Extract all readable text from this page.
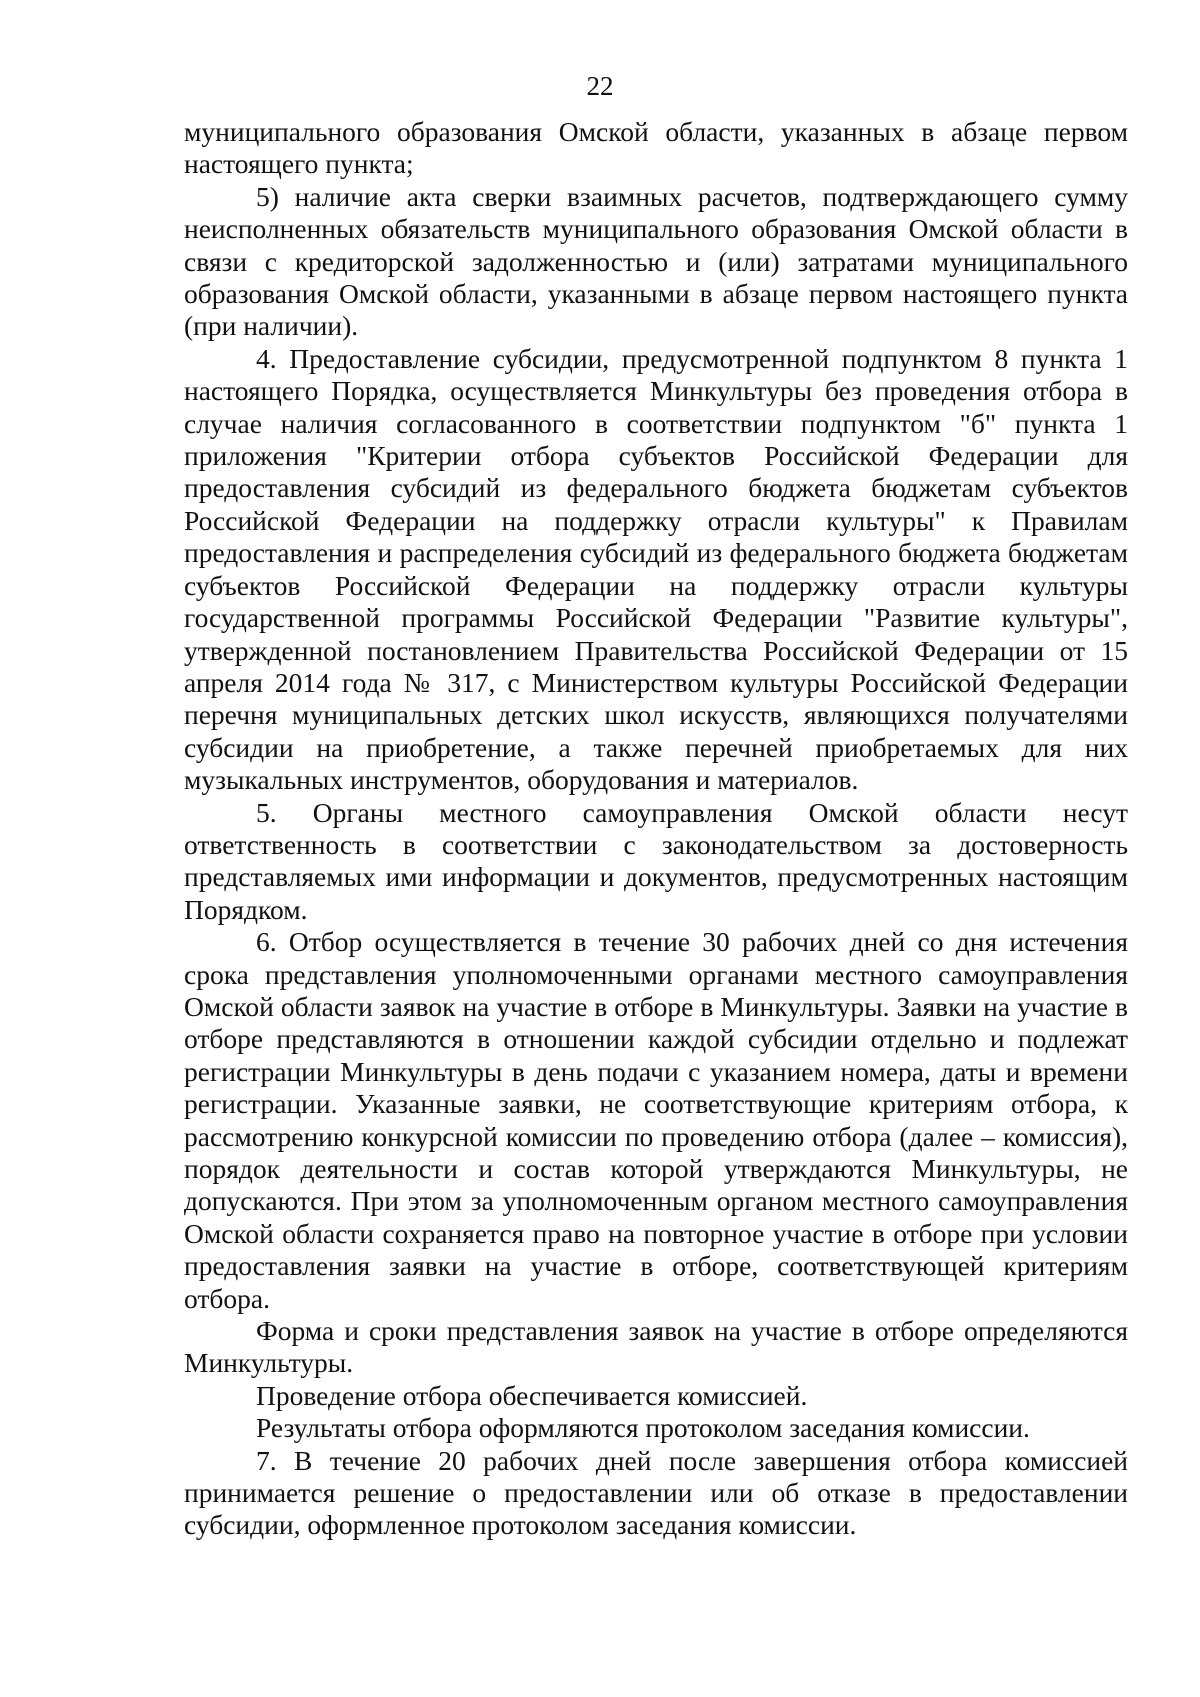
22

муниципального образования Омской области, указанных в абзаце первом настоящего пункта;

5) наличие акта сверки взаимных расчетов, подтверждающего сумму неисполненных обязательств муниципального образования Омской области в связи с кредиторской задолженностью и (или) затратами муниципального образования Омской области, указанными в абзаце первом настоящего пункта (при наличии).

4. Предоставление субсидии, предусмотренной подпунктом 8 пункта 1 настоящего Порядка, осуществляется Минкультуры без проведения отбора в случае наличия согласованного в соответствии подпунктом "б" пункта 1 приложения "Критерии отбора субъектов Российской Федерации для предоставления субсидий из федерального бюджета бюджетам субъектов Российской Федерации на поддержку отрасли культуры" к Правилам предоставления и распределения субсидий из федерального бюджета бюджетам субъектов Российской Федерации на поддержку отрасли культуры государственной программы Российской Федерации "Развитие культуры", утвержденной постановлением Правительства Российской Федерации от 15 апреля 2014 года № 317, с Министерством культуры Российской Федерации перечня муниципальных детских школ искусств, являющихся получателями субсидии на приобретение, а также перечней приобретаемых для них музыкальных инструментов, оборудования и материалов.

5. Органы местного самоуправления Омской области несут ответственность в соответствии с законодательством за достоверность представляемых ими информации и документов, предусмотренных настоящим Порядком.

6. Отбор осуществляется в течение 30 рабочих дней со дня истечения срока представления уполномоченными органами местного самоуправления Омской области заявок на участие в отборе в Минкультуры. Заявки на участие в отборе представляются в отношении каждой субсидии отдельно и подлежат регистрации Минкультуры в день подачи с указанием номера, даты и времени регистрации. Указанные заявки, не соответствующие критериям отбора, к рассмотрению конкурсной комиссии по проведению отбора (далее – комиссия), порядок деятельности и состав которой утверждаются Минкультуры, не допускаются. При этом за уполномоченным органом местного самоуправления Омской области сохраняется право на повторное участие в отборе при условии предоставления заявки на участие в отборе, соответствующей критериям отбора.

Форма и сроки представления заявок на участие в отборе определяются Минкультуры.

Проведение отбора обеспечивается комиссией.

Результаты отбора оформляются протоколом заседания комиссии.

7. В течение 20 рабочих дней после завершения отбора комиссией принимается решение о предоставлении или об отказе в предоставлении субсидии, оформленное протоколом заседания комиссии.
